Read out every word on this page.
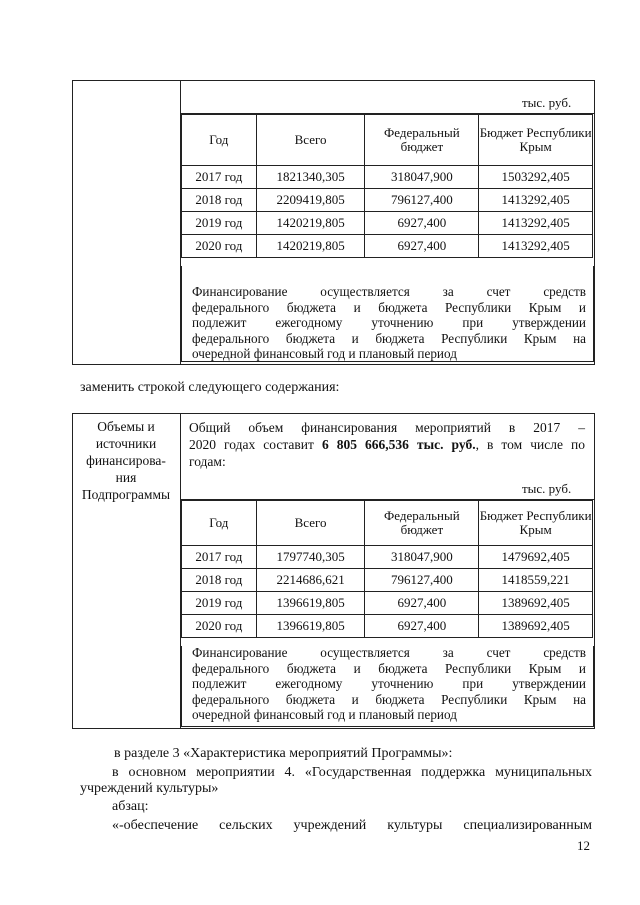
тыс. руб.
Год	Всего	Федеральный бюджет	Бюджет Республики Крым
2017 год	1821340,305	318047,900	1503292,405
2018 год	2209419,805	796127,400	1413292,405
2019 год	1420219,805	6927,400	1413292,405
2020 год	1420219,805	6927,400	1413292,405
Финансирование осуществляется за счет средств
федерального бюджета и бюджета Республики Крым и
подлежит ежегодному уточнению при утверждении
федерального бюджета и бюджета Республики Крым на
очередной финансовый год и плановый период
заменить строкой следующего содержания:
Объемы и
источники
финансирова-
ния
Подпрограммы
Общий объем финансирования мероприятий в 2017 –
2020 годах составит 6 805 666,536 тыс. руб., в том числе по
годам:
тыс. руб.
Год	Всего	Федеральный бюджет	Бюджет Республики Крым
2017 год	1797740,305	318047,900	1479692,405
2018 год	2214686,621	796127,400	1418559,221
2019 год	1396619,805	6927,400	1389692,405
2020 год	1396619,805	6927,400	1389692,405
Финансирование осуществляется за счет средств
федерального бюджета и бюджета Республики Крым и
подлежит ежегодному уточнению при утверждении
федерального бюджета и бюджета Республики Крым на
очередной финансовый год и плановый период
в разделе 3 «Характеристика мероприятий Программы»:
в основном мероприятии 4. «Государственная поддержка муниципальных
учреждений культуры»
абзац:
«-обеспечение сельских учреждений культуры специализированным
12
